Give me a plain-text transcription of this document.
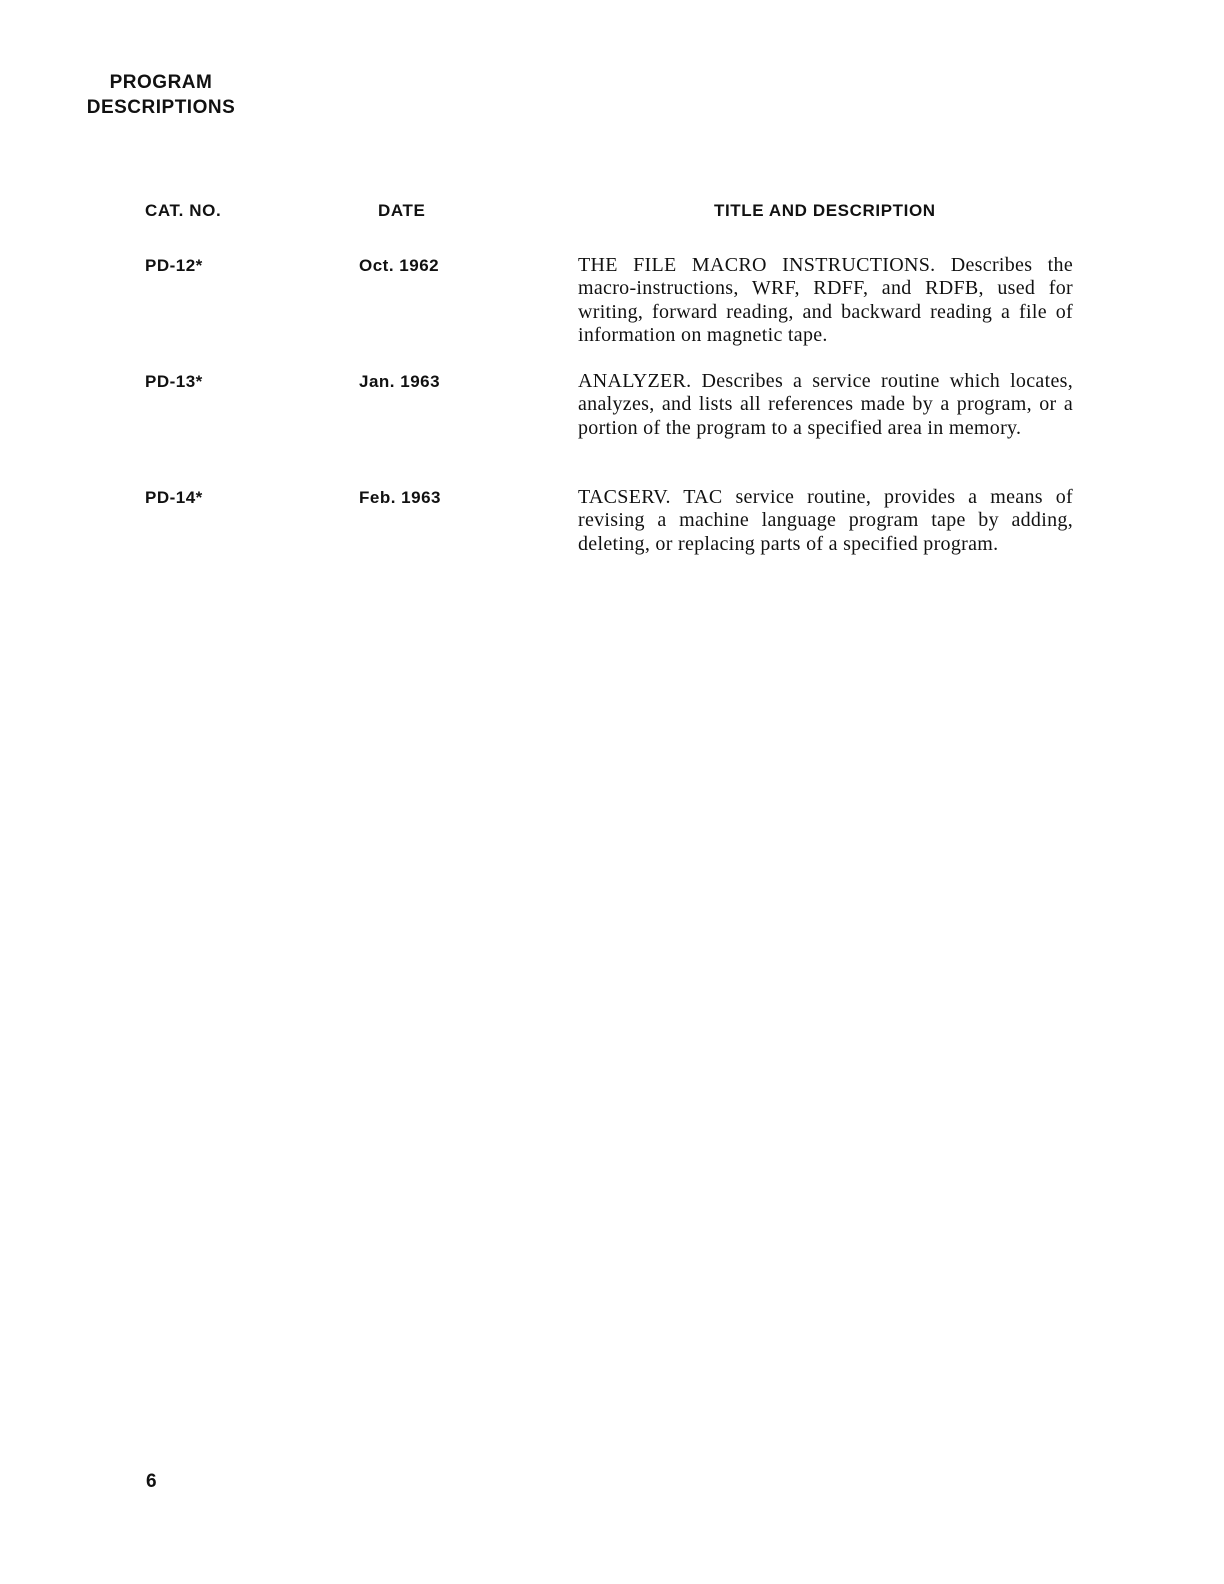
PROGRAM
DESCRIPTIONS
CAT. NO.	DATE	TITLE AND DESCRIPTION
PD-12*	Oct. 1962	THE FILE MACRO INSTRUCTIONS. Describes the macro-instructions, WRF, RDFF, and RDFB, used for writing, forward reading, and backward reading a file of information on magnetic tape.
PD-13*	Jan. 1963	ANALYZER. Describes a service routine which locates, analyzes, and lists all references made by a program, or a portion of the program to a specified area in memory.
PD-14*	Feb. 1963	TACSERV. TAC service routine, provides a means of revising a machine language program tape by adding, deleting, or replacing parts of a specified program.
6
